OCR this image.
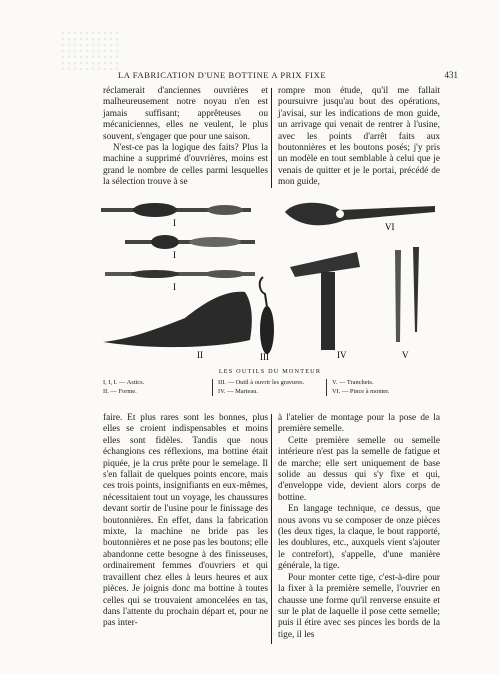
LA FABRICATION D'UNE BOTTINE A PRIX FIXE	431

réclamerait d'anciennes ouvrières et malheureusement notre noyau n'en est jamais suffisant; apprêteuses ou mécaniciennes, elles ne veulent, le plus souvent, s'engager que pour une saison.

N'est-ce pas la logique des faits? Plus la machine a supprimé d'ouvrières, moins est grand le nombre de celles parmi lesquelles la sélection trouve à se

rompre mon étude, qu'il me fallait poursuivre jusqu'au bout des opérations, j'avisai, sur les indications de mon guide, un arrivage qui venait de rentrer à l'usine, avec les points d'arrêt faits aux boutonnières et les boutons posés; j'y pris un modèle en tout semblable à celui que je venais de quitter et je le portai, précédé de mon guide,

I
I
I
II	III	IV	V
VI
LES OUTILS DU MONTEUR
I, I, I. — Astics.
II. — Forme.
III. — Outil à ouvrir les gravures.
IV. — Marteau.
V. — Tranchets.
VI. — Pince à monter.

faire. Et plus rares sont les bonnes, plus elles se croient indispensables et moins elles sont fidèles. Tandis que nous échangions ces réflexions, ma bottine était piquée, je la crus prête pour le semelage. Il s'en fallait de quelques points encore, mais ces trois points, insignifiants en eux-mêmes, nécessitaient tout un voyage, les chaussures devant sortir de l'usine pour le finissage des boutonnières. En effet, dans la fabrication mixte, la machine ne bride pas les boutonnières et ne pose pas les boutons; elle abandonne cette besogne à des finisseuses, ordinairement femmes d'ouvriers et qui travaillent chez elles à leurs heures et aux pièces. Je joignis donc ma bottine à toutes celles qui se trouvaient amoncelées en tas, dans l'attente du prochain départ et, pour ne pas inter-

à l'atelier de montage pour la pose de la première semelle.

Cette première semelle ou semelle intérieure n'est pas la semelle de fatigue et de marche; elle sert uniquement de base solide au dessus qui s'y fixe et qui, d'enveloppe vide, devient alors corps de bottine.

En langage technique, ce dessus, que nous avons vu se composer de onze pièces (les deux tiges, la claque, le bout rapporté, les doublures, etc., auxquels vient s'ajouter le contrefort), s'appelle, d'une manière générale, la tige.

Pour monter cette tige, c'est-à-dire pour la fixer à la première semelle, l'ouvrier en chausse une forme qu'il renverse ensuite et sur le plat de laquelle il pose cette semelle; puis il étire avec ses pinces les bords de la tige, il les
